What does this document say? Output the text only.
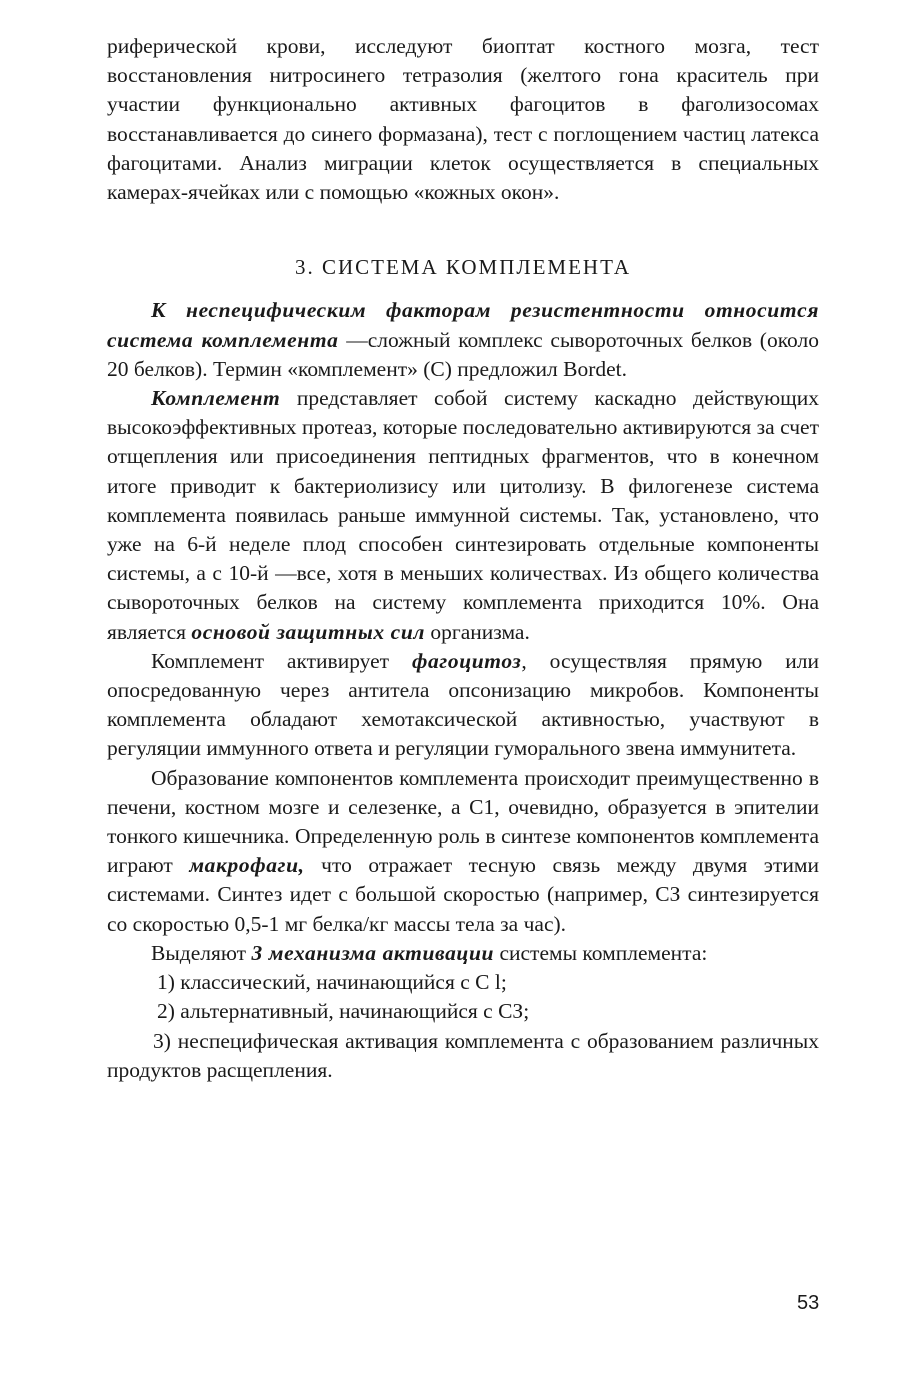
риферической крови, исследуют биоптат костного мозга, тест восстановления нитросинего тетразолия (желтого гона краситель при участии функционально активных фагоцитов в фаголизосомах восстанавливается до синего формазана), тест с поглощением частиц латекса фагоцитами. Анализ миграции клеток осуществляется в специальных камерах-ячейках или с помощью «кожных окон».

3. СИСТЕМА КОМПЛЕМЕНТА

К неспецифическим факторам резистентности относится система комплемента —сложный комплекс сывороточных белков (около 20 белков). Термин «комплемент» (С) предложил Bordet.

Комплемент представляет собой систему каскадно действующих высокоэффективных протеаз, которые последовательно активируются за счет отщепления или присоединения пептидных фрагментов, что в конечном итоге приводит к бактериолизису или цитолизу. В филогенезе система комплемента появилась раньше иммунной системы. Так, установлено, что уже на 6-й неделе плод способен синтезировать отдельные компоненты системы, а с 10-й —все, хотя в меньших количествах. Из общего количества сывороточных белков на систему комплемента приходится 10%. Она является основой защитных сил организма.

Комплемент активирует фагоцитоз, осуществляя прямую или опосредованную через антитела опсонизацию микробов. Компоненты комплемента обладают хемотаксической активностью, участвуют в регуляции иммунного ответа и регуляции гуморального звена иммунитета.

Образование компонентов комплемента происходит преимущественно в печени, костном мозге и селезенке, а С1, очевидно, образуется в эпителии тонкого кишечника. Определенную роль в синтезе компонентов комплемента играют макрофаги, что отражает тесную связь между двумя этими системами. Синтез идет с большой скоростью (например, СЗ синтезируется со скоростью 0,5-1 мг белка/кг массы тела за час).

Выделяют 3 механизма активации системы комплемента:

1) классический, начинающийся с С l;

2) альтернативный, начинающийся с СЗ;

3) неспецифическая активация комплемента с образованием различных продуктов расщепления.

53
